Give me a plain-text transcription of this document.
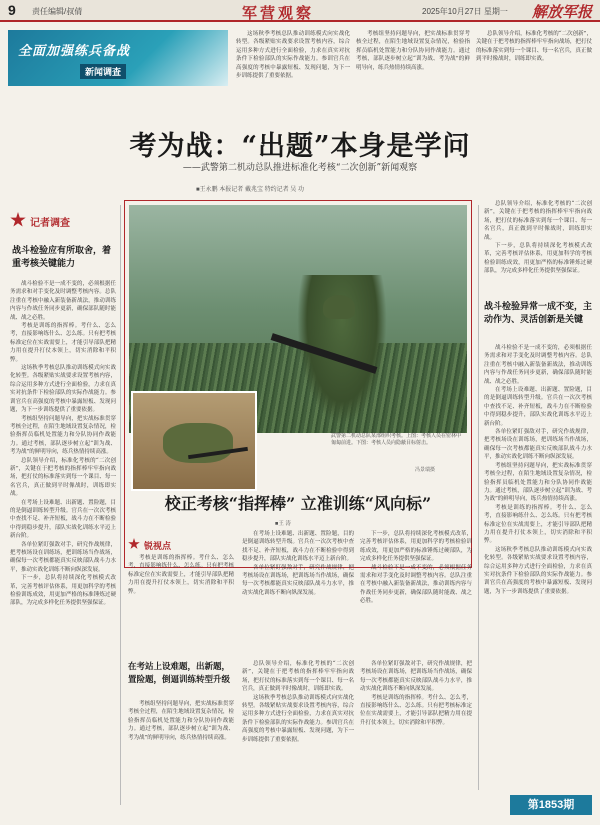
9 责任编辑/叔倩	军营观察	2025年10月27日 星期一 解放军报
全面加强练兵备战
新闻调查

这场秋季考核总队推动训练模式向实战化转型。各级紧贴实战要求设置考核内容，综合运用多种方式进行全面检验，力求在真实对抗条件下检验部队的实际作战能力。参训官兵在高强度的考核中暴露短板、发现问题，为下一步训练提供了重要依据。

考核组坚持问题导向，把实战标准贯穿考核全过程，在陌生地域设置复杂情况，检验指挥员临机处置能力和分队协同作战能力。通过考核，部队逐步树立起“训为战、考为战”的鲜明导向，练兵热情持续高涨。

总队领导介绍，标准化考核的“二次创新”，关键在于把考核的指挥棒牢牢指向战场，把打仗的标准落实到每一个课目、每一名官兵，真正做到平时像战时，训练即实战。

考为战：“出题”本身是学问
——武警第二机动总队推进标准化考核“二次创新”新闻观察
■王永鹏 本报记者 戴兆宝 特约记者 吴 功
记者调查
战斗检验应有所取舍，着重考核关键能力

战斗检验不是一成不变的，必须根据任务需求和对手变化及时调整考核内容。总队注重在考核中融入新装备新战法，推动训练内容与作战任务同步更新，确保部队随时能战、战之必胜。

考核是训练的指挥棒。考什么、怎么考，直接影响练什么、怎么练。只有把考核标准定位在实战需要上，才能引导部队把精力用在提升打仗本领上，切实消除和平积弊。

这场秋季考核总队推动训练模式向实战化转型。各级紧贴实战要求设置考核内容，综合运用多种方式进行全面检验，力求在真实对抗条件下检验部队的实际作战能力。参训官兵在高强度的考核中暴露短板、发现问题，为下一步训练提供了重要依据。

考核组坚持问题导向，把实战标准贯穿考核全过程，在陌生地域设置复杂情况，检验指挥员临机处置能力和分队协同作战能力。通过考核，部队逐步树立起“训为战、考为战”的鲜明导向，练兵热情持续高涨。

总队领导介绍，标准化考核的“二次创新”，关键在于把考核的指挥棒牢牢指向战场，把打仗的标准落实到每一个课目、每一名官兵，真正做到平时像战时，训练即实战。

在考场上设难题、出新题、置险题，目的是倒逼训练转型升级。官兵在一次次考核中查找不足、补齐短板，战斗力在不断检验中得到稳步提升，部队实战化训练水平迈上新台阶。

各单位紧盯强敌对手，研究作战规律，把考核场设在训练场，把训练场当作战场，确保每一次考核都能真实反映部队战斗力水平，推动实战化训练不断向纵深发展。

下一步，总队将持续深化考核模式改革，完善考核评估体系，用更加科学的考核检验训练成效，用更加严格的标准锤炼过硬部队，为完成多样化任务提供坚强保证。

武警第二机动总队某部组织考核。上图：考核人员在密林中匍匐前进。下图：考核人员向隐蔽目标射击。
冯景瑞摄
校正考核“指挥棒” 立准训练“风向标”
■王 涛
锐视点

考核是训练的指挥棒。考什么、怎么考，直接影响练什么、怎么练。只有把考核标准定位在实战需要上，才能引导部队把精力用在提升打仗本领上，切实消除和平积弊。

在考场上设难题、出新题、置险题，目的是倒逼训练转型升级。官兵在一次次考核中查找不足、补齐短板，战斗力在不断检验中得到稳步提升，部队实战化训练水平迈上新台阶。

各单位紧盯强敌对手，研究作战规律，把考核场设在训练场，把训练场当作战场，确保每一次考核都能真实反映部队战斗力水平，推动实战化训练不断向纵深发展。

下一步，总队将持续深化考核模式改革，完善考核评估体系，用更加科学的考核检验训练成效，用更加严格的标准锤炼过硬部队，为完成多样化任务提供坚强保证。

战斗检验不是一成不变的，必须根据任务需求和对手变化及时调整考核内容。总队注重在考核中融入新装备新战法，推动训练内容与作战任务同步更新，确保部队随时能战、战之必胜。

在考站上设难题，出新题，置险题，倒逼训练转型升级

考核组坚持问题导向，把实战标准贯穿考核全过程，在陌生地域设置复杂情况，检验指挥员临机处置能力和分队协同作战能力。通过考核，部队逐步树立起“训为战、考为战”的鲜明导向，练兵热情持续高涨。

总队领导介绍，标准化考核的“二次创新”，关键在于把考核的指挥棒牢牢指向战场，把打仗的标准落实到每一个课目、每一名官兵，真正做到平时像战时，训练即实战。

这场秋季考核总队推动训练模式向实战化转型。各级紧贴实战要求设置考核内容，综合运用多种方式进行全面检验，力求在真实对抗条件下检验部队的实际作战能力。参训官兵在高强度的考核中暴露短板、发现问题，为下一步训练提供了重要依据。

各单位紧盯强敌对手，研究作战规律，把考核场设在训练场，把训练场当作战场，确保每一次考核都能真实反映部队战斗力水平，推动实战化训练不断向纵深发展。

考核是训练的指挥棒。考什么、怎么考，直接影响练什么、怎么练。只有把考核标准定位在实战需要上，才能引导部队把精力用在提升打仗本领上，切实消除和平积弊。

总队领导介绍，标准化考核的“二次创新”，关键在于把考核的指挥棒牢牢指向战场，把打仗的标准落实到每一个课目、每一名官兵，真正做到平时像战时，训练即实战。

下一步，总队将持续深化考核模式改革，完善考核评估体系，用更加科学的考核检验训练成效，用更加严格的标准锤炼过硬部队，为完成多样化任务提供坚强保证。

战斗检验异常一成不变，主动作为、灵活创新是关键

战斗检验不是一成不变的，必须根据任务需求和对手变化及时调整考核内容。总队注重在考核中融入新装备新战法，推动训练内容与作战任务同步更新，确保部队随时能战、战之必胜。

在考场上设难题、出新题、置险题，目的是倒逼训练转型升级。官兵在一次次考核中查找不足、补齐短板，战斗力在不断检验中得到稳步提升，部队实战化训练水平迈上新台阶。

各单位紧盯强敌对手，研究作战规律，把考核场设在训练场，把训练场当作战场，确保每一次考核都能真实反映部队战斗力水平，推动实战化训练不断向纵深发展。

考核组坚持问题导向，把实战标准贯穿考核全过程，在陌生地域设置复杂情况，检验指挥员临机处置能力和分队协同作战能力。通过考核，部队逐步树立起“训为战、考为战”的鲜明导向，练兵热情持续高涨。

考核是训练的指挥棒。考什么、怎么考，直接影响练什么、怎么练。只有把考核标准定位在实战需要上，才能引导部队把精力用在提升打仗本领上，切实消除和平积弊。

这场秋季考核总队推动训练模式向实战化转型。各级紧贴实战要求设置考核内容，综合运用多种方式进行全面检验，力求在真实对抗条件下检验部队的实际作战能力。参训官兵在高强度的考核中暴露短板、发现问题，为下一步训练提供了重要依据。

第1853期
